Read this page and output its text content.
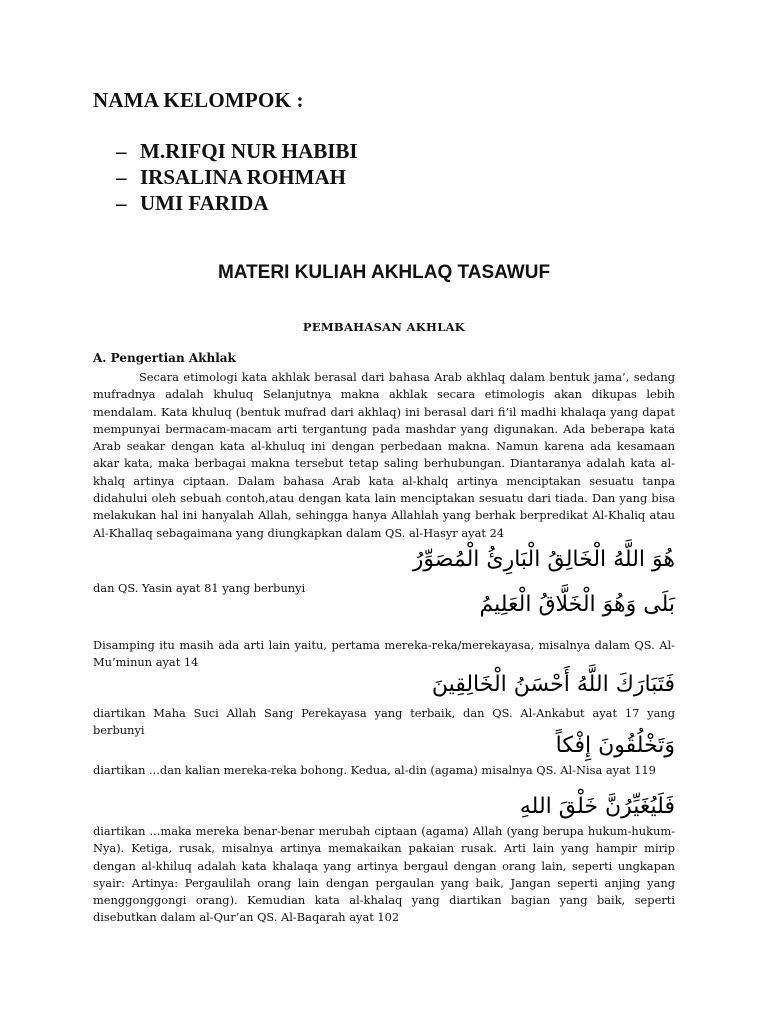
NAMA KELOMPOK :
– M.RIFQI NUR HABIBI
– IRSALINA ROHMAH
– UMI FARIDA
MATERI KULIAH AKHLAQ TASAWUF
PEMBAHASAN AKHLAK
A. Pengertian Akhlak
Secara etimologi kata akhlak berasal dari bahasa Arab akhlaq dalam bentuk jama’, sedang mufradnya adalah khuluq Selanjutnya makna akhlak secara etimologis akan dikupas lebih mendalam. Kata khuluq (bentuk mufrad dari akhlaq) ini berasal dari fi’il madhi khalaqa yang dapat mempunyai bermacam-macam arti tergantung pada mashdar yang digunakan. Ada beberapa kata Arab seakar dengan kata al-khuluq ini dengan perbedaan makna. Namun karena ada kesamaan akar kata, maka berbagai makna tersebut tetap saling berhubungan. Diantaranya adalah kata al-khalq artinya ciptaan. Dalam bahasa Arab kata al-khalq artinya menciptakan sesuatu tanpa didahului oleh sebuah contoh,atau dengan kata lain menciptakan sesuatu dari tiada. Dan yang bisa melakukan hal ini hanyalah Allah, sehingga hanya Allahlah yang berhak berpredikat Al-Khaliq atau Al-Khallaq sebagaimana yang diungkapkan dalam QS. al-Hasyr ayat 24
هُوَ اللَّهُ الْخَالِقُ الْبَارِئُ الْمُصَوِّرُ
dan QS. Yasin ayat 81 yang berbunyi
بَلَى وَهُوَ الْخَلَّاقُ الْعَلِيمُ
Disamping itu masih ada arti lain yaitu, pertama mereka-reka/merekayasa, misalnya dalam QS. Al-Mu’minun ayat 14
فَتَبَارَكَ اللَّهُ أَحْسَنُ الْخَالِقِينَ
diartikan Maha Suci Allah Sang Perekayasa yang terbaik, dan QS. Al-Ankabut ayat 17 yang berbunyi
وَتَخْلُقُونَ إِفْكاً
diartikan ...dan kalian mereka-reka bohong. Kedua, al-din (agama) misalnya QS. Al-Nisa ayat 119
فَلَيُغَيِّرُنَّ خَلْقَ اللهِ
diartikan ...maka mereka benar-benar merubah ciptaan (agama) Allah (yang berupa hukum-hukum-Nya). Ketiga, rusak, misalnya artinya memakaikan pakaian rusak. Arti lain yang hampir mirip dengan al-khiluq adalah kata khalaqa yang artinya bergaul dengan orang lain, seperti ungkapan syair: Artinya: Pergaulilah orang lain dengan pergaulan yang baik, Jangan seperti anjing yang menggonggongi orang). Kemudian kata al-khalaq yang diartikan bagian yang baik, seperti disebutkan dalam al-Qur’an QS. Al-Baqarah ayat 102
